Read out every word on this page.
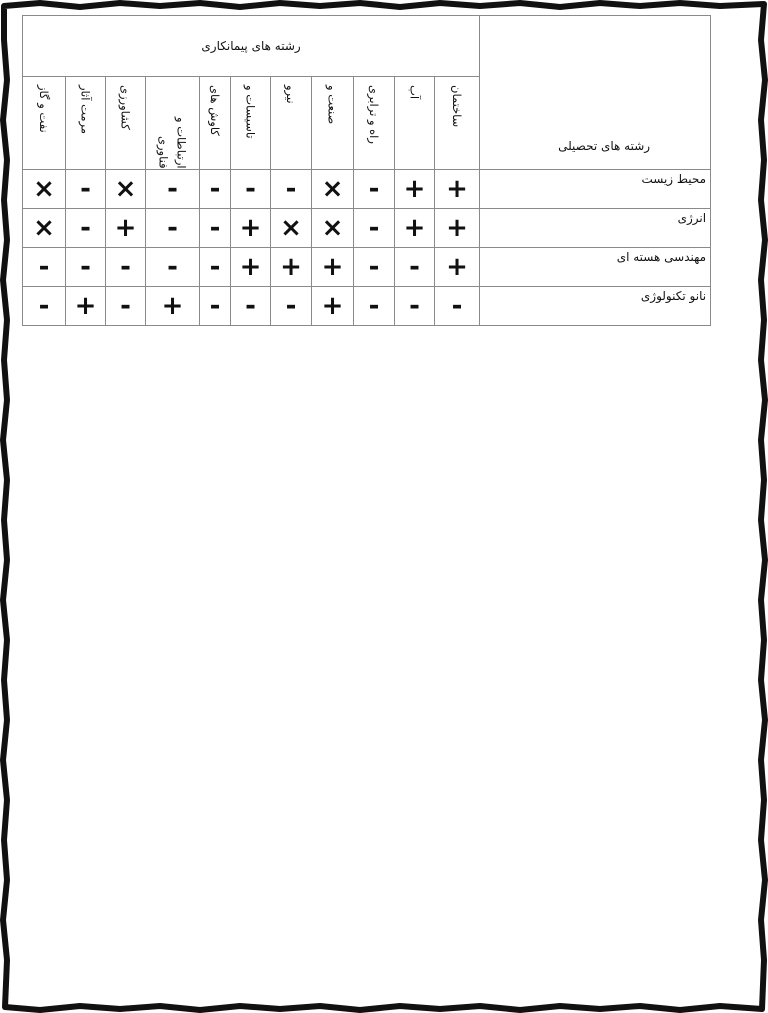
رشته های پیمانکاری											رشته های تحصیلی

نفت و گاز	مرمت آثار	کشاورزی	ارتباطات و فناوری	کاوش های	تاسیسات و	نیرو	صنعت و	راه و ترابری	آب	ساختمان	

×	-	×	-	-	-	-	×	-	+	+	محیط زیست
×	-	+	-	-	+	×	×	-	+	+	انرژی
-	-	-	-	-	+	+	+	-	-	+	مهندسی هسته ای
-	+	-	+	-	-	-	+	-	-	-	نانو تکنولوژی
